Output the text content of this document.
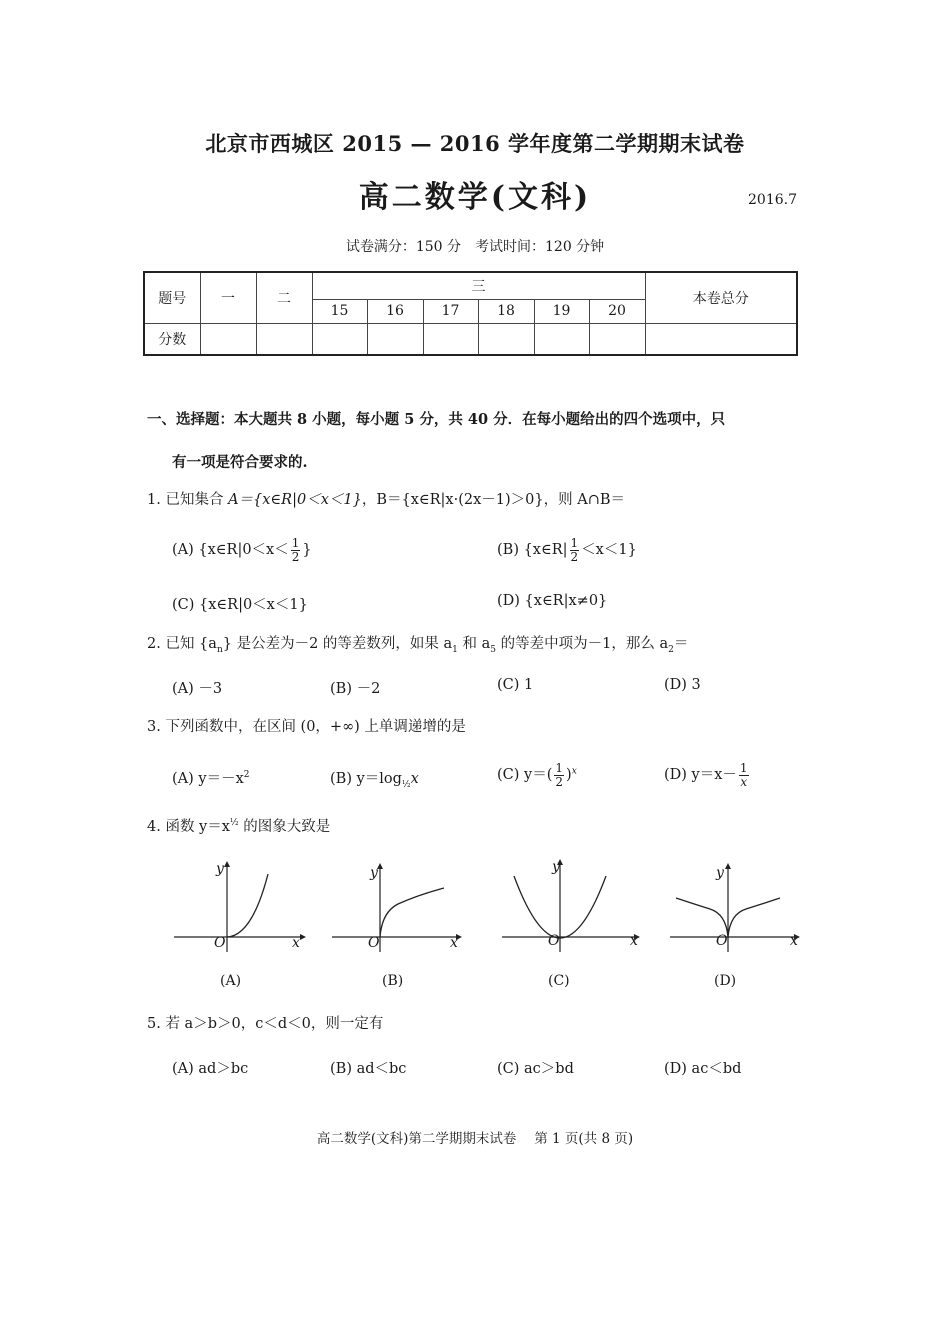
北京市西城区 2015 — 2016 学年度第二学期期末试卷
高二数学(文科)	2016.7
试卷满分：150 分　考试时间：120 分钟
题号	一	二	三						本卷总分
			15	16	17	18	19	20	
分数									
一、选择题：本大题共 8 小题，每小题 5 分，共 40 分．在每小题给出的四个选项中，只
有一项是符合要求的.
1. 已知集合 A＝{x∈R|0＜x＜1}，B＝{x∈R|x·(2x－1)＞0}，则 A∩B＝
(A) {x∈R|0＜x＜ $\frac{1}{2}$ }	(B) {x∈R| $\frac{1}{2} <x<1$}
(C) {x∈R|0＜x＜1}	(D) {x∈R|x≠0}
2. 已知 $\{a_n\}$ 是公差为－2 的等差数列，如果 $a_1$ 和 $a_5$ 的等差中项为－1，那么 $a_2=$
(A) －3	(B) －2	(C) 1	(D) 3
3. 下列函数中，在区间 (0，+∞) 上单调递增的是
(A) $y=-x^2$	(B) $y=\log_{\frac{1}{2}}x$	(C) $y=( \frac{1}{2} )^x$	(D) $y=x- \frac{1}{x}$
4. 函数 $y=x^{\frac{1}{2}}$ 的图象大致是
y
x
O
(A)
y
x
O
(B)
y
x
O
(C)
y
x
O
(D)
5. 若 a＞b＞0，c＜d＜0，则一定有
(A) ad＞bc	(B) ad＜bc	(C) ac＞bd	(D) ac＜bd
高二数学(文科)第二学期期末试卷　 第 1 页(共 8 页)
